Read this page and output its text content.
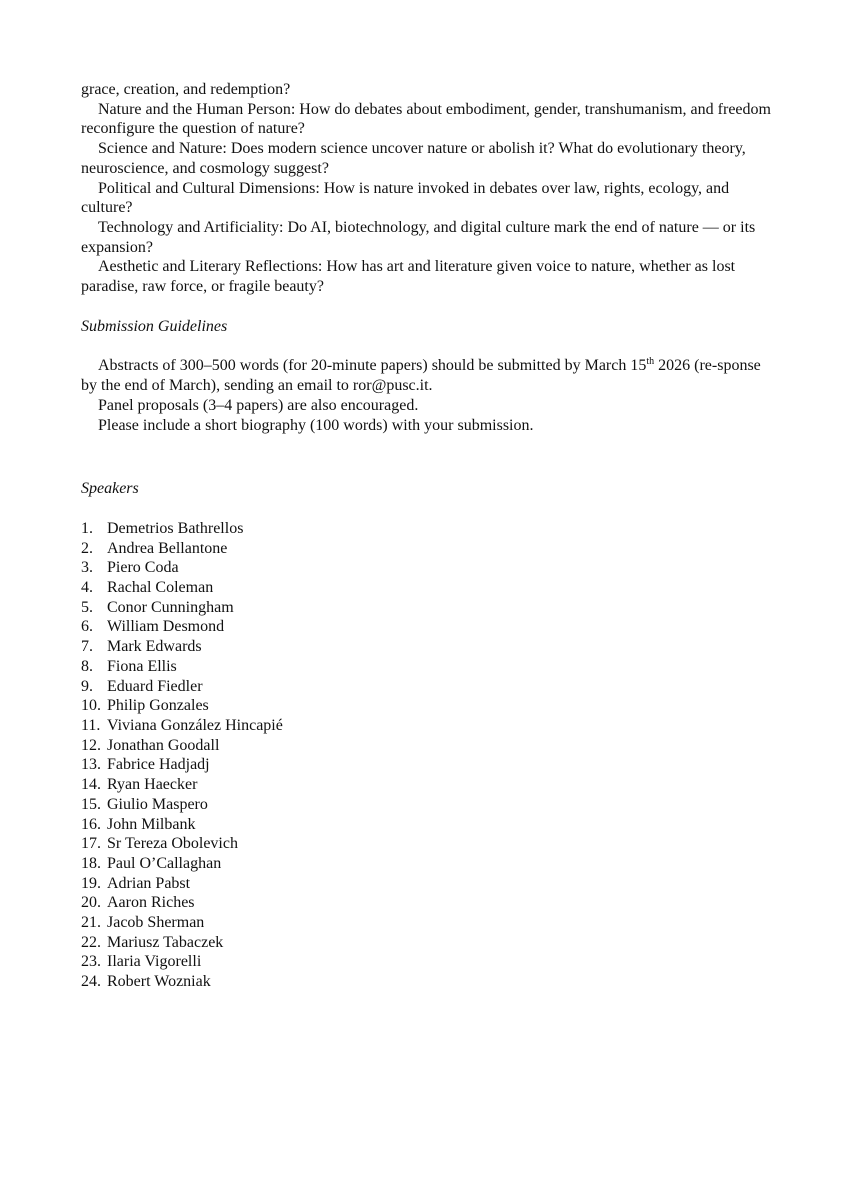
grace, creation, and redemption?

Nature and the Human Person: How do debates about embodiment, gender, transhumanism, and freedom reconfigure the question of nature?

Science and Nature: Does modern science uncover nature or abolish it? What do evolutionary theory, neuroscience, and cosmology suggest?

Political and Cultural Dimensions: How is nature invoked in debates over law, rights, ecology, and culture?

Technology and Artificiality: Do AI, biotechnology, and digital culture mark the end of nature — or its expansion?

Aesthetic and Literary Reflections: How has art and literature given voice to nature, whether as lost paradise, raw force, or fragile beauty?

Submission Guidelines

Abstracts of 300–500 words (for 20-minute papers) should be submitted by March 15th 2026 (re-sponse by the end of March), sending an email to ror@pusc.it.

Panel proposals (3–4 papers) are also encouraged.

Please include a short biography (100 words) with your submission.

Speakers

1. Demetrios Bathrellos
2. Andrea Bellantone
3. Piero Coda
4. Rachal Coleman
5. Conor Cunningham
6. William Desmond
7. Mark Edwards
8. Fiona Ellis
9. Eduard Fiedler
10. Philip Gonzales
11. Viviana González Hincapié
12. Jonathan Goodall
13. Fabrice Hadjadj
14. Ryan Haecker
15. Giulio Maspero
16. John Milbank
17. Sr Tereza Obolevich
18. Paul O’Callaghan
19. Adrian Pabst
20. Aaron Riches
21. Jacob Sherman
22. Mariusz Tabaczek
23. Ilaria Vigorelli
24. Robert Wozniak
